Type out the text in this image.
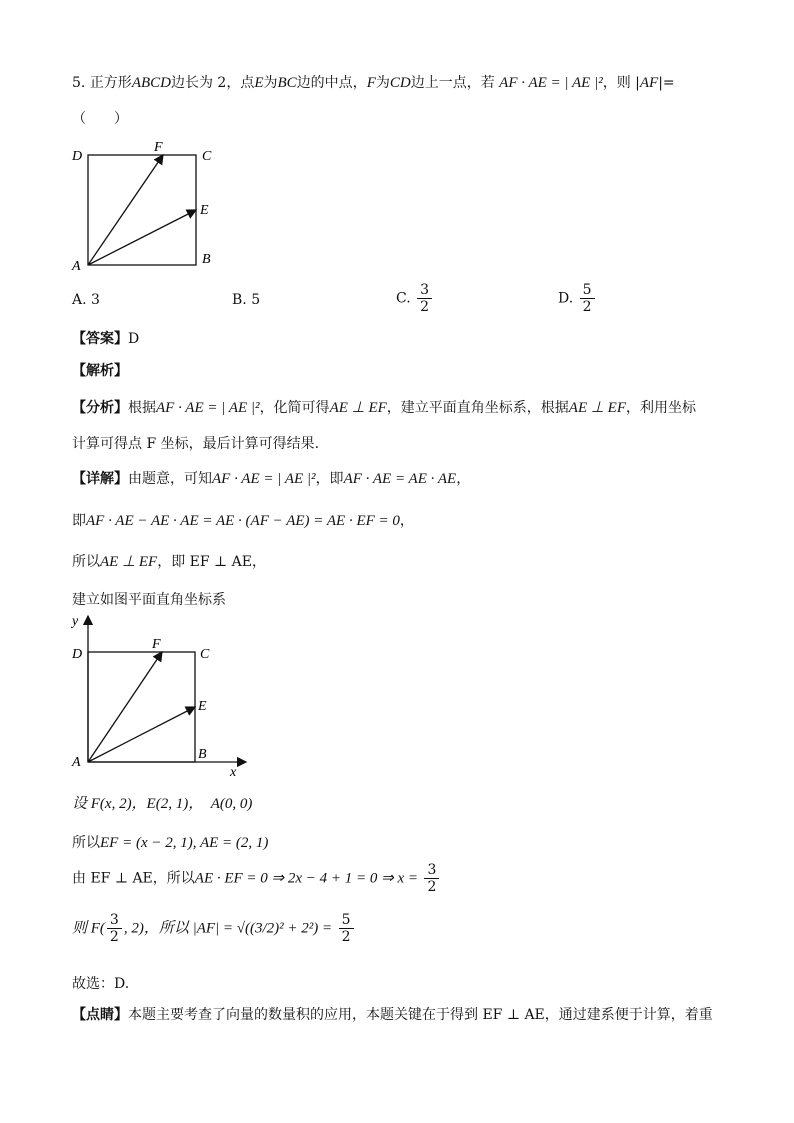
5. 正方形ABCD边长为 2，点E为BC边的中点，F为CD边上一点，若 AF · AE = | AE |²，则 |AF|=
（　　）
D
F
C
E
A	B
A. 3	B. 5	C. $\frac{3}{2}$	D. $\frac{5}{2}$
【答案】D
【解析】
【分析】根据AF · AE = | AE |²，化简可得AE ⊥ EF，建立平面直角坐标系，根据AE ⊥ EF，利用坐标
计算可得点 F 坐标，最后计算可得结果.
【详解】由题意，可知AF · AE = | AE |²，即AF · AE = AE · AE，
即AF · AE − AE · AE = AE · (AF − AE) = AE · EF = 0，
所以AE ⊥ EF，即 EF ⊥ AE，
建立如图平面直角坐标系
y
D
F
C
E
A
B
x
设 F(x, 2)，E(2, 1)，　A(0, 0)
所以EF = (x − 2, 1), AE = (2, 1)
由 EF ⊥ AE，所以AE · EF = 0 ⇒ 2x − 4 + 1 = 0 ⇒ $x = \frac{3}{2}$
则 $F( \frac{3}{2}$ , 2)，所以 $|AF| = √((3/2)^2 + 2^2) = \frac{5}{2}$
故选：D.
【点睛】本题主要考查了向量的数量积的应用，本题关键在于得到 EF ⊥ AE，通过建系便于计算，着重
